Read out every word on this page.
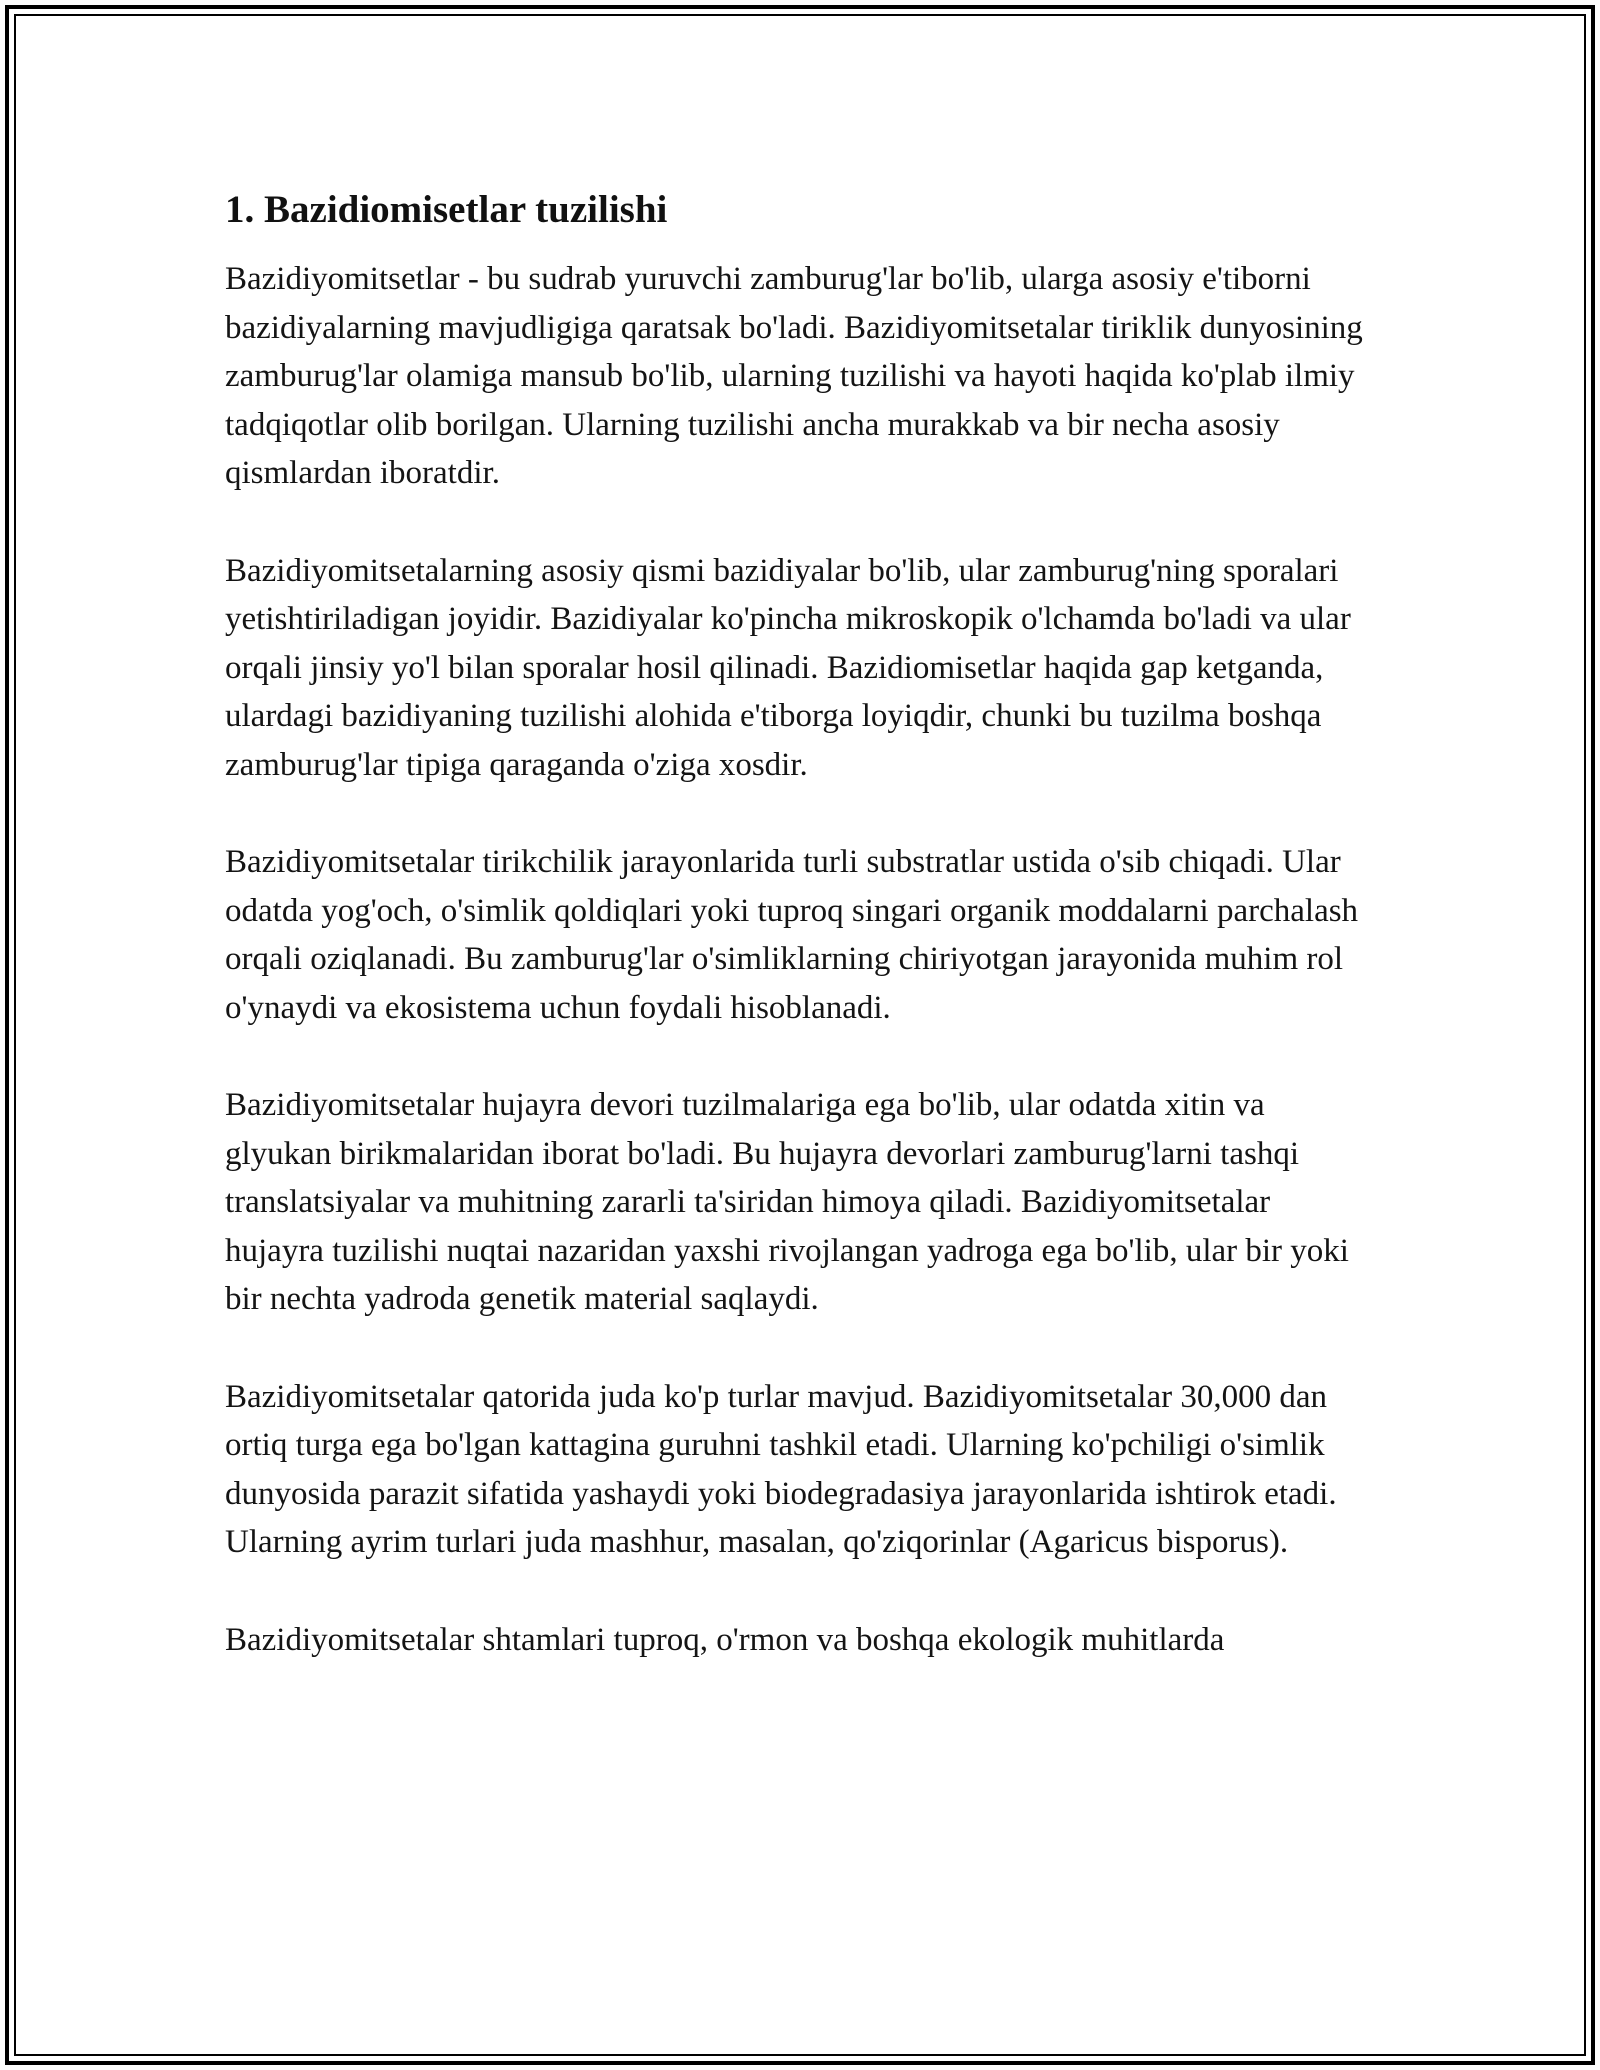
1. Bazidiomisetlar tuzilishi

Bazidiyomitsetlar - bu sudrab yuruvchi zamburug'lar bo'lib, ularga asosiy e'tiborni bazidiyalarning mavjudligiga qaratsak bo'ladi. Bazidiyomitsetalar tiriklik dunyosining zamburug'lar olamiga mansub bo'lib, ularning tuzilishi va hayoti haqida ko'plab ilmiy tadqiqotlar olib borilgan. Ularning tuzilishi ancha murakkab va bir necha asosiy qismlardan iboratdir.

Bazidiyomitsetalarning asosiy qismi bazidiyalar bo'lib, ular zamburug'ning sporalari yetishtiriladigan joyidir. Bazidiyalar ko'pincha mikroskopik o'lchamda bo'ladi va ular orqali jinsiy yo'l bilan sporalar hosil qilinadi. Bazidiomisetlar haqida gap ketganda, ulardagi bazidiyaning tuzilishi alohida e'tiborga loyiqdir, chunki bu tuzilma boshqa zamburug'lar tipiga qaraganda o'ziga xosdir.

Bazidiyomitsetalar tirikchilik jarayonlarida turli substratlar ustida o'sib chiqadi. Ular odatda yog'och, o'simlik qoldiqlari yoki tuproq singari organik moddalarni parchalash orqali oziqlanadi. Bu zamburug'lar o'simliklarning chiriyotgan jarayonida muhim rol o'ynaydi va ekosistema uchun foydali hisoblanadi.

Bazidiyomitsetalar hujayra devori tuzilmalariga ega bo'lib, ular odatda xitin va glyukan birikmalaridan iborat bo'ladi. Bu hujayra devorlari zamburug'larni tashqi translatsiyalar va muhitning zararli ta'siridan himoya qiladi. Bazidiyomitsetalar hujayra tuzilishi nuqtai nazaridan yaxshi rivojlangan yadroga ega bo'lib, ular bir yoki bir nechta yadroda genetik material saqlaydi.

Bazidiyomitsetalar qatorida juda ko'p turlar mavjud. Bazidiyomitsetalar 30,000 dan ortiq turga ega bo'lgan kattagina guruhni tashkil etadi. Ularning ko'pchiligi o'simlik dunyosida parazit sifatida yashaydi yoki biodegradasiya jarayonlarida ishtirok etadi. Ularning ayrim turlari juda mashhur, masalan, qo'ziqorinlar (Agaricus bisporus).

Bazidiyomitsetalar shtamlari tuproq, o'rmon va boshqa ekologik muhitlarda
